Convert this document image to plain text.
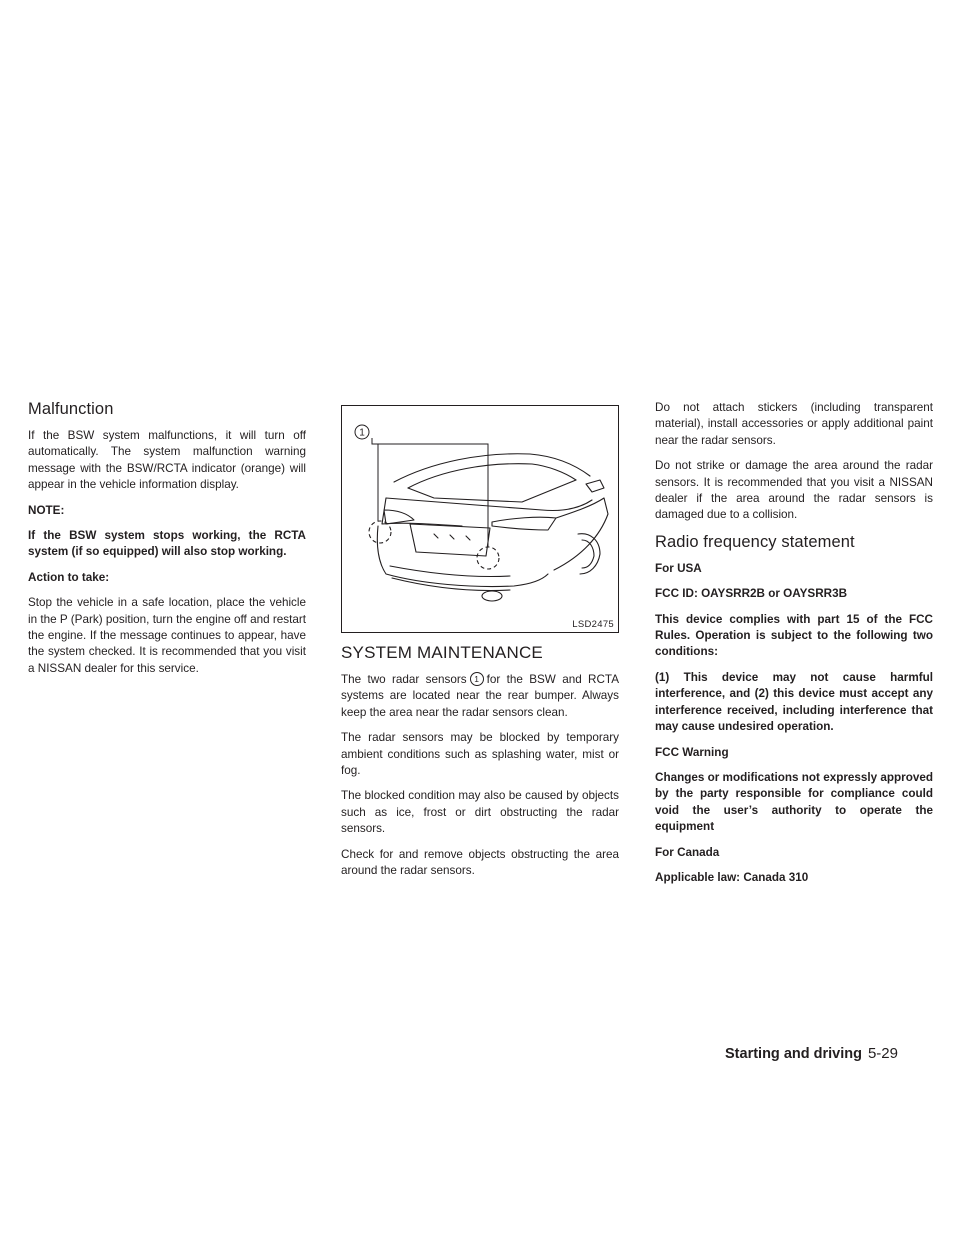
Malfunction

If the BSW system malfunctions, it will turn off automatically. The system malfunction warning message with the BSW/RCTA indicator (orange) will appear in the vehicle information display.

NOTE:

If the BSW system stops working, the RCTA system (if so equipped) will also stop working.

Action to take:

Stop the vehicle in a safe location, place the vehicle in the P (Park) position, turn the engine off and restart the engine. If the message continues to appear, have the system checked. It is recommended that you visit a NISSAN dealer for this service.

1
LSD2475
SYSTEM MAINTENANCE

The two radar sensors 1 for the BSW and RCTA systems are located near the rear bumper. Always keep the area near the radar sensors clean.

The radar sensors may be blocked by temporary ambient conditions such as splashing water, mist or fog.

The blocked condition may also be caused by objects such as ice, frost or dirt obstructing the radar sensors.

Check for and remove objects obstructing the area around the radar sensors.

Do not attach stickers (including transparent material), install accessories or apply additional paint near the radar sensors.

Do not strike or damage the area around the radar sensors. It is recommended that you visit a NISSAN dealer if the area around the radar sensors is damaged due to a collision.

Radio frequency statement

For USA

FCC ID: OAYSRR2B or OAYSRR3B

This device complies with part 15 of the FCC Rules. Operation is subject to the following two conditions:

(1) This device may not cause harmful interference, and (2) this device must accept any interference received, including interference that may cause undesired operation.

FCC Warning

Changes or modifications not expressly approved by the party responsible for compliance could void the user’s authority to operate the equipment

For Canada

Applicable law: Canada 310

Starting and driving 5-29
